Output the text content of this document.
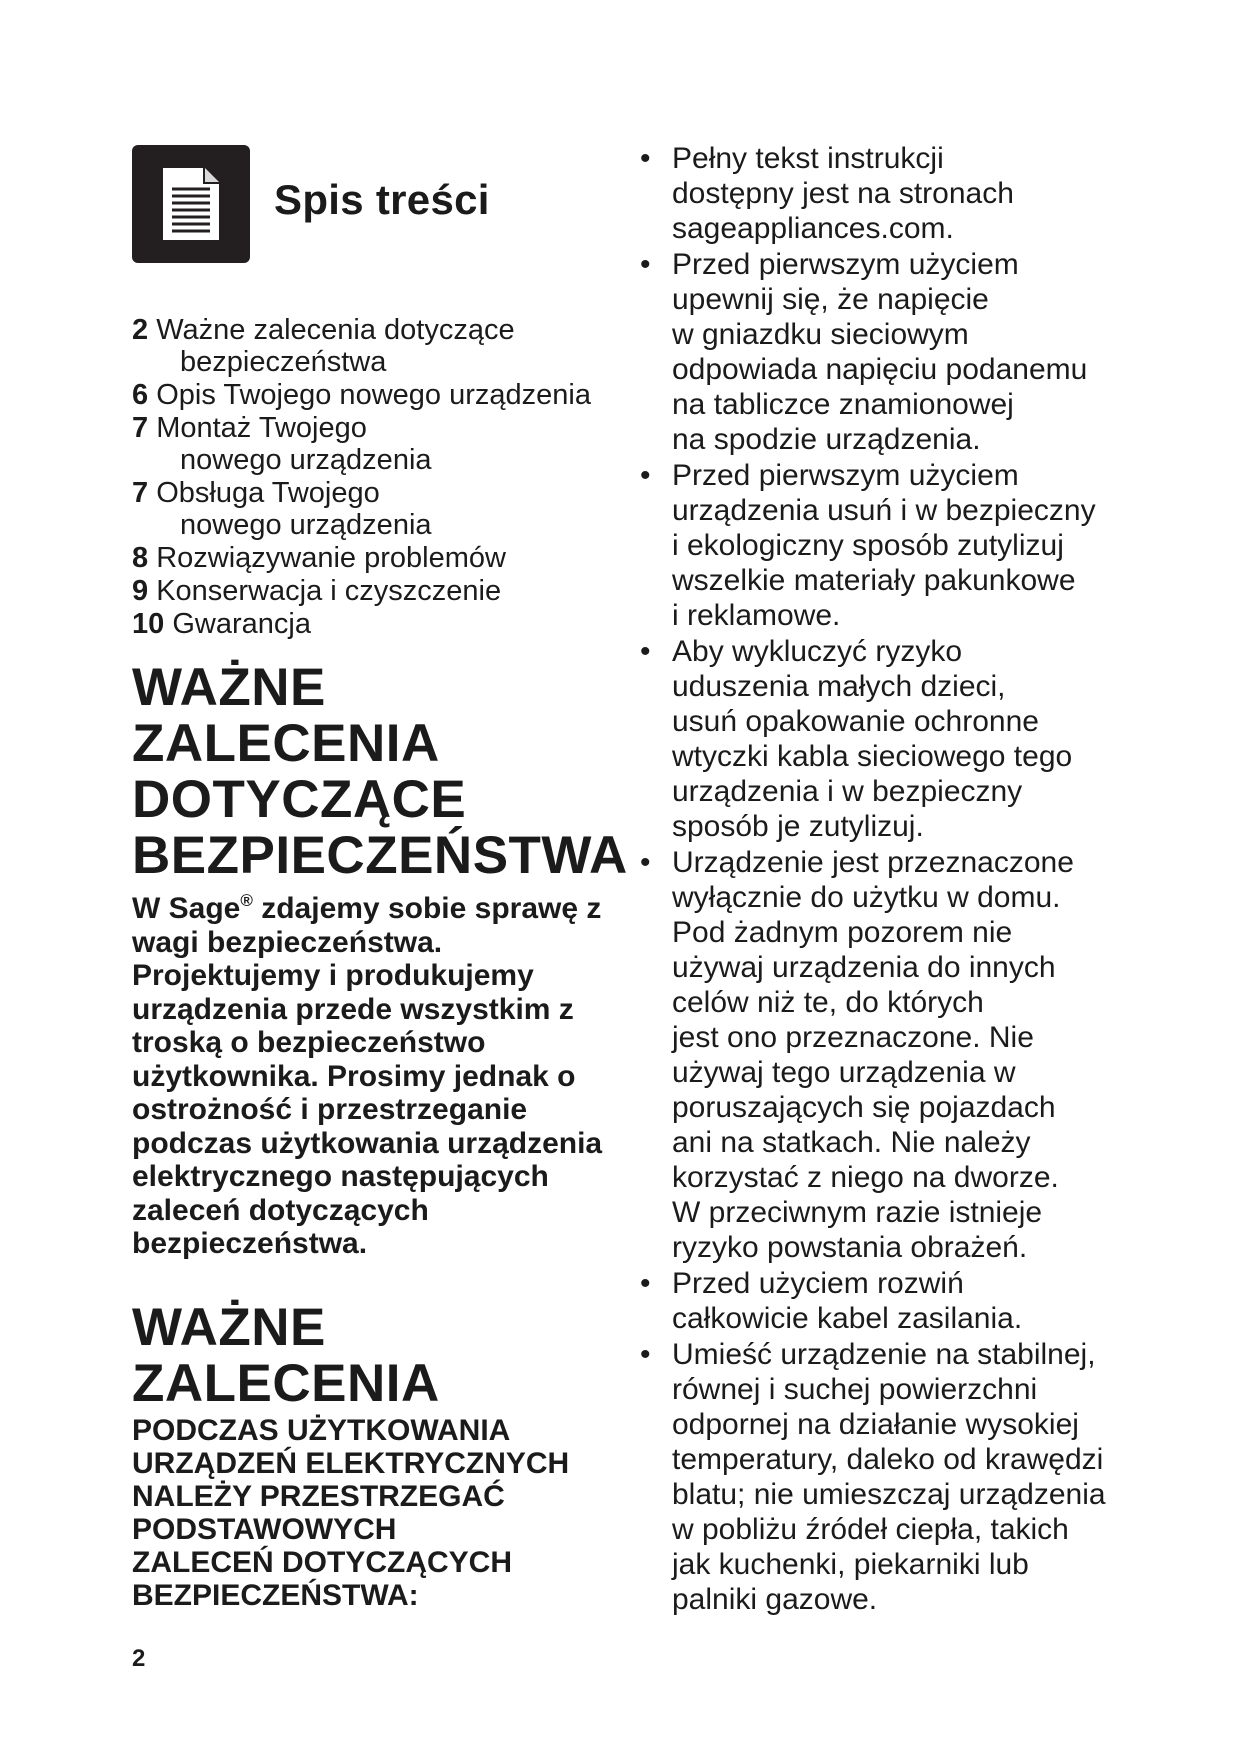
Spis treści
2 Ważne zalecenia dotyczące
bezpieczeństwa
6 Opis Twojego nowego urządzenia
7 Montaż Twojego
nowego urządzenia
7 Obsługa Twojego
nowego urządzenia
8 Rozwiązywanie problemów
9 Konserwacja i czyszczenie
10 Gwarancja
WAŻNE
ZALECENIA
DOTYCZĄCE
BEZPIECZEŃSTWA
W Sage® zdajemy sobie sprawę z wagi bezpieczeństwa. Projektujemy i produkujemy urządzenia przede wszystkim z troską o bezpieczeństwo użytkownika. Prosimy jednak o ostrożność i przestrzeganie podczas użytkowania urządzenia elektrycznego następujących zaleceń dotyczących bezpieczeństwa.
WAŻNE
ZALECENIA
PODCZAS UŻYTKOWANIA
URZĄDZEŃ ELEKTRYCZNYCH
NALEŻY PRZESTRZEGAĆ
PODSTAWOWYCH
ZALECEŃ DOTYCZĄCYCH
BEZPIECZEŃSTWA:
2
• Pełny tekst instrukcji
dostępny jest na stronach
sageappliances.com.
• Przed pierwszym użyciem
upewnij się, że napięcie
w gniazdku sieciowym
odpowiada napięciu podanemu
na tabliczce znamionowej
na spodzie urządzenia.
• Przed pierwszym użyciem
urządzenia usuń i w bezpieczny
i ekologiczny sposób zutylizuj
wszelkie materiały pakunkowe
i reklamowe.
• Aby wykluczyć ryzyko
uduszenia małych dzieci,
usuń opakowanie ochronne
wtyczki kabla sieciowego tego
urządzenia i w bezpieczny
sposób je zutylizuj.
• Urządzenie jest przeznaczone
wyłącznie do użytku w domu.
Pod żadnym pozorem nie
używaj urządzenia do innych
celów niż te, do których
jest ono przeznaczone. Nie
używaj tego urządzenia w
poruszających się pojazdach
ani na statkach. Nie należy
korzystać z niego na dworze.
W przeciwnym razie istnieje
ryzyko powstania obrażeń.
• Przed użyciem rozwiń
całkowicie kabel zasilania.
• Umieść urządzenie na stabilnej,
równej i suchej powierzchni
odpornej na działanie wysokiej
temperatury, daleko od krawędzi
blatu; nie umieszczaj urządzenia
w pobliżu źródeł ciepła, takich
jak kuchenki, piekarniki lub
palniki gazowe.
